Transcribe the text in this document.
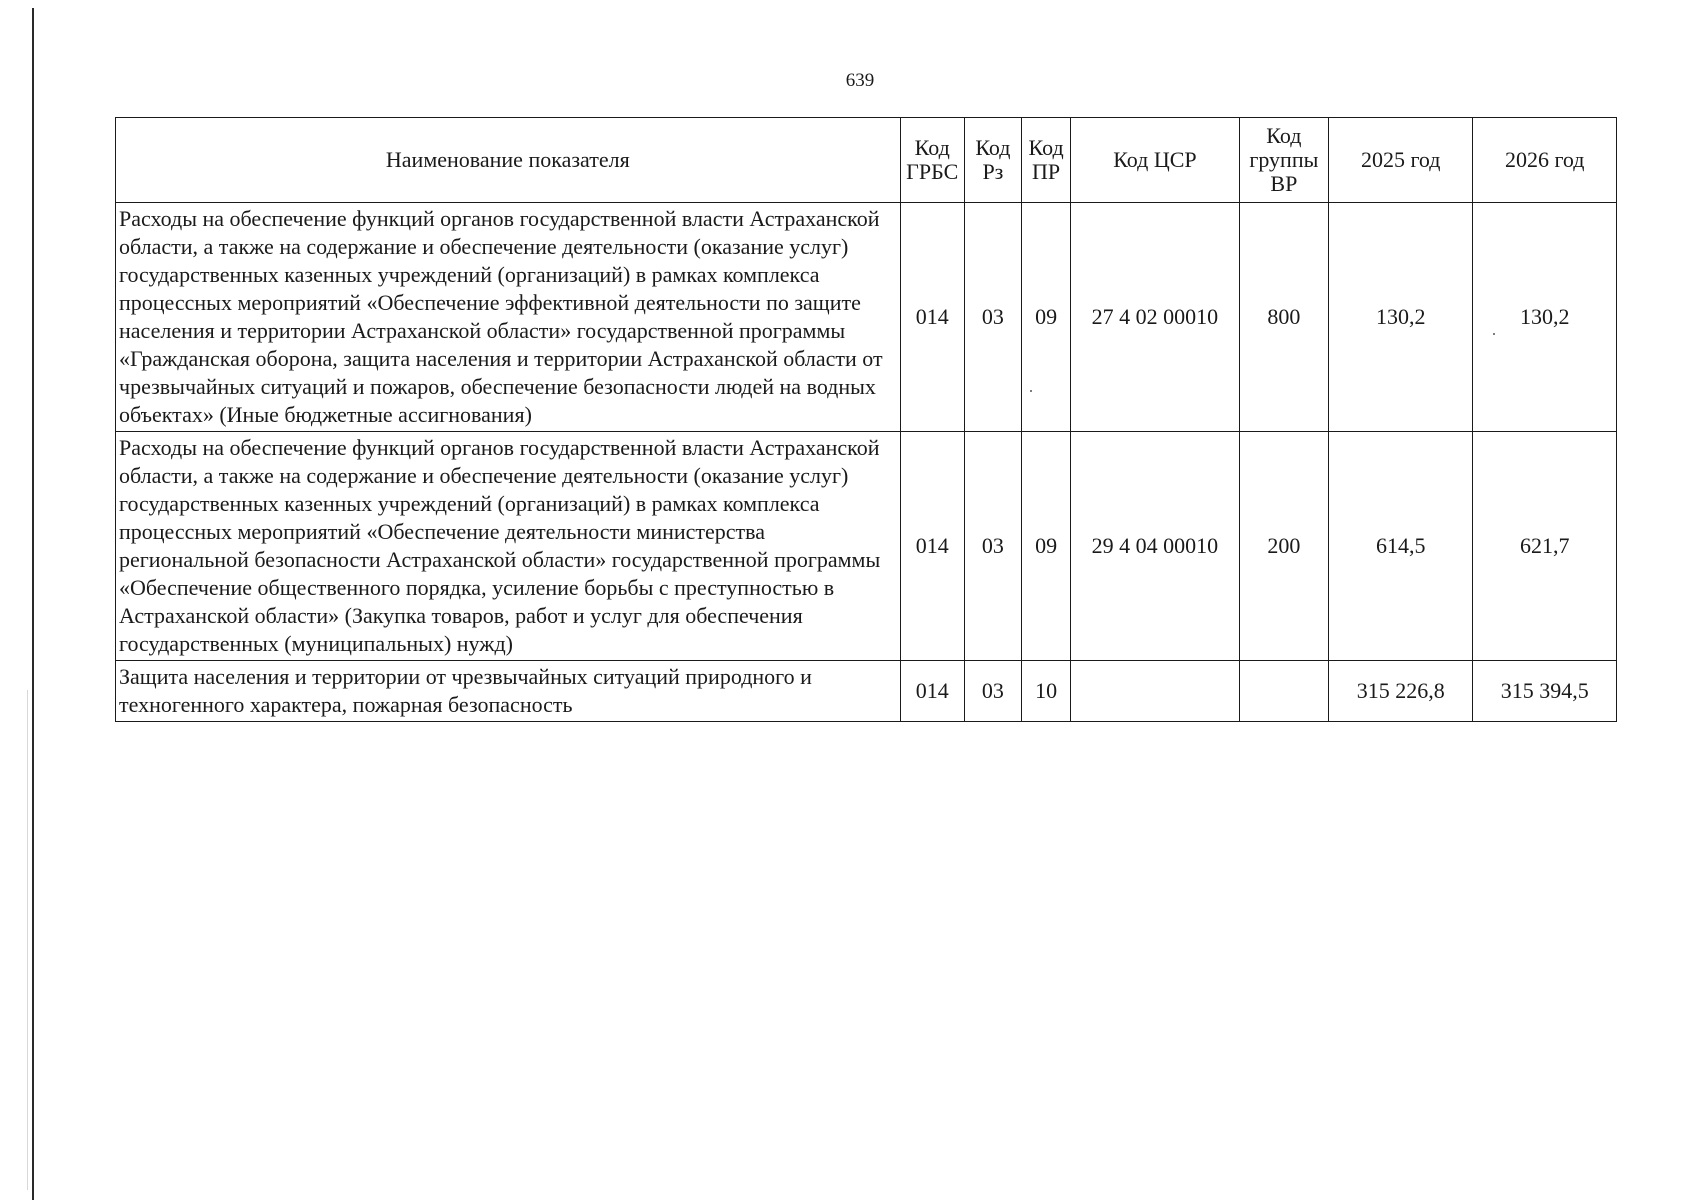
639
Наименование показателя	Код ГРБС	Код Рз	Код ПР	Код ЦСР	Код группы ВР	2025 год	2026 год
Расходы на обеспечение функций органов государственной власти Астраханской области, а также на содержание и обеспечение деятельности (оказание услуг) государственных казенных учреждений (организаций) в рамках комплекса процессных мероприятий «Обеспечение эффективной деятельности по защите населения и территории Астраханской области» государственной программы «Гражданская оборона, защита населения и территории Астраханской области от чрезвычайных ситуаций и пожаров, обеспечение безопасности людей на водных объектах» (Иные бюджетные ассигнования)	014	03	09	27 4 02 00010	800	130,2	130,2
Расходы на обеспечение функций органов государственной власти Астраханской области, а также на содержание и обеспечение деятельности (оказание услуг) государственных казенных учреждений (организаций) в рамках комплекса процессных мероприятий «Обеспечение деятельности министерства региональной безопасности Астраханской области» государственной программы «Обеспечение общественного порядка, усиление борьбы с преступностью в Астраханской области» (Закупка товаров, работ и услуг для обеспечения государственных (муниципальных) нужд)	014	03	09	29 4 04 00010	200	614,5	621,7
Защита населения и территории от чрезвычайных ситуаций природного и техногенного характера, пожарная безопасность	014	03	10			315 226,8	315 394,5
